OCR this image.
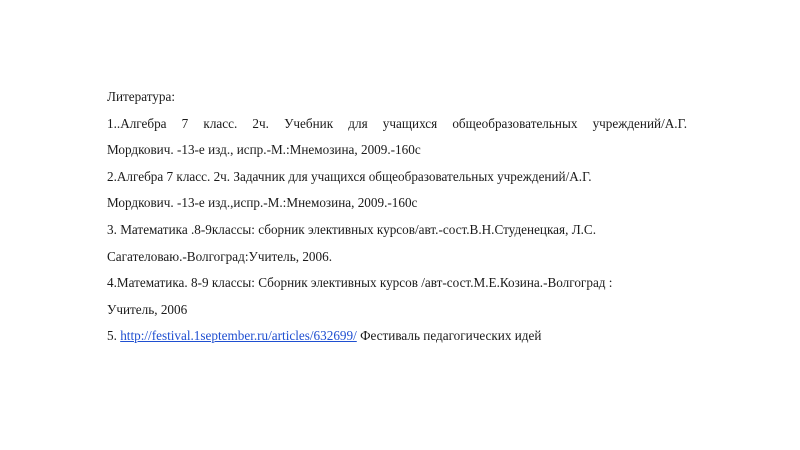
Литература:
1..Алгебра 7 класс. 2ч. Учебник для учащихся общеобразовательных учреждений/А.Г.
Мордкович. -13-е изд., испр.-М.:Мнемозина, 2009.-160с
2.Алгебра 7 класс. 2ч. Задачник для учащихся общеобразовательных учреждений/А.Г.
Мордкович. -13-е изд.,испр.-М.:Мнемозина, 2009.-160с
3. Математика .8-9классы: сборник элективных курсов/авт.-сост.В.Н.Студенецкая, Л.С.
Сагателоваю.-Волгоград:Учитель, 2006.
4.Математика. 8-9 классы: Сборник элективных курсов /авт-сост.М.Е.Козина.-Волгоград :
Учитель, 2006
5. http://festival.1september.ru/articles/632699/ Фестиваль педагогических идей
